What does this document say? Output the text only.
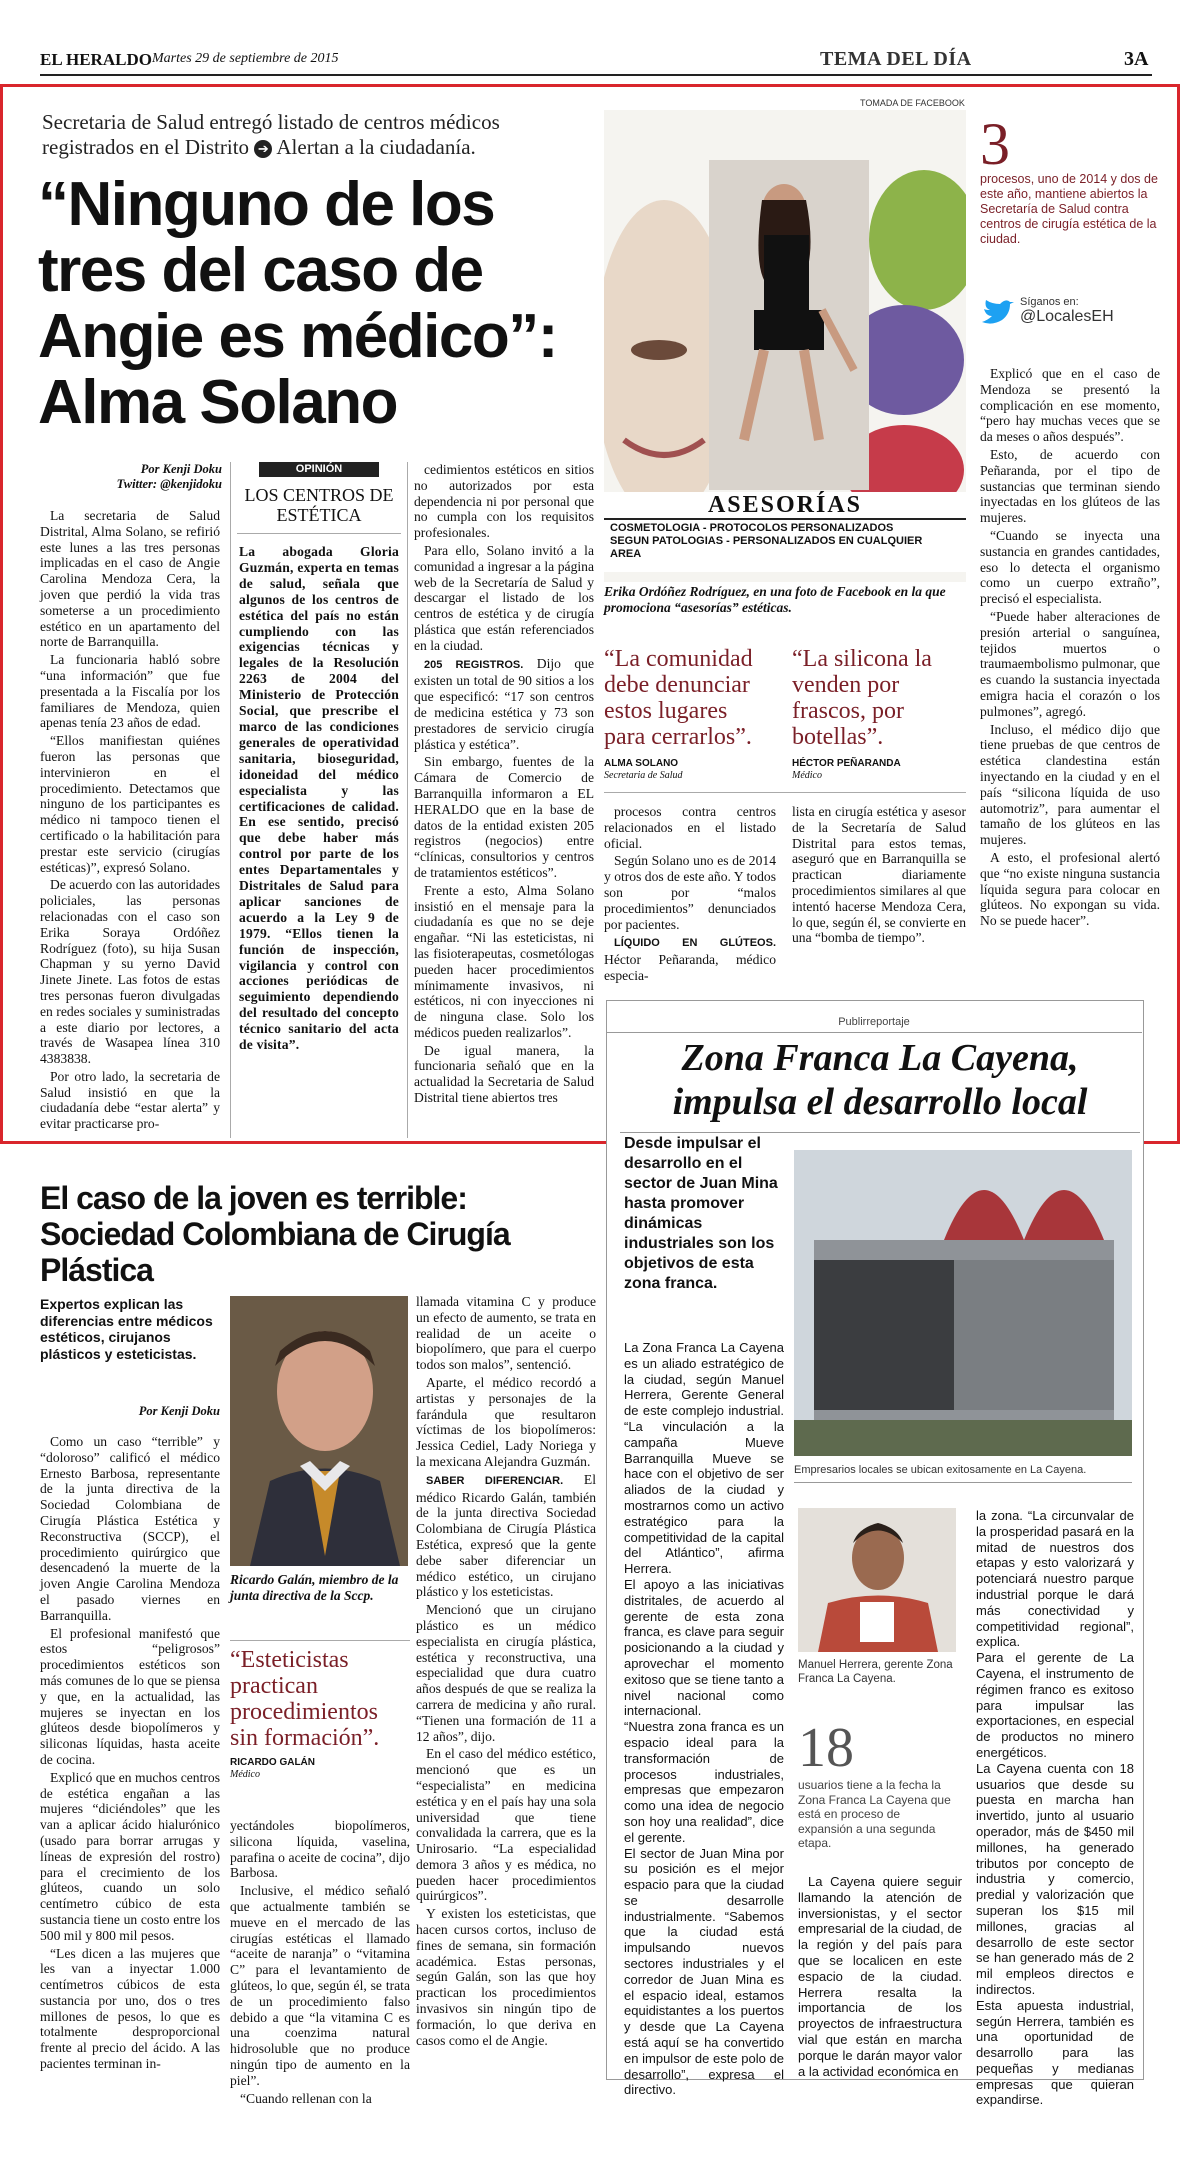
EL HERALDO Martes 29 de septiembre de 2015	TEMA DEL DÍA	3A
Secretaria de Salud entregó listado de centros médicos
registrados en el Distrito ➔ Alertan a la ciudadanía.
“Ninguno de los tres del caso de Angie es médico”: Alma Solano
Por Kenji Doku
Twitter: @kenjidoku

La secretaria de Salud Distrital, Alma Solano, se refirió este lunes a las tres personas implicadas en el caso de Angie Carolina Mendoza Cera, la joven que perdió la vida tras someterse a un procedimiento estético en un apartamento del norte de Barranquilla.

La funcionaria habló sobre “una información” que fue presentada a la Fiscalía por los familiares de Mendoza, quien apenas tenía 23 años de edad.

“Ellos manifiestan quiénes fueron las personas que intervinieron en el procedimiento. Detectamos que ninguno de los participantes es médico ni tampoco tienen el certificado o la habilitación para prestar este servicio (cirugías estéticas)”, expresó Solano.

De acuerdo con las autoridades policiales, las personas relacionadas con el caso son Erika Soraya Ordóñez Rodríguez (foto), su hija Susan Chapman y su yerno David Jinete Jinete. Las fotos de estas tres personas fueron divulgadas en redes sociales y suministradas a este diario por lectores, a través de Wasapea línea 310 4383838.

Por otro lado, la secretaria de Salud insistió en que la ciudadanía debe “estar alerta” y evitar practicarse pro-

OPINIÓN
LOS CENTROS DE ESTÉTICA
La abogada Gloria Guzmán, experta en temas de salud, señala que algunos de los centros de estética del país no están cumpliendo con las exigencias técnicas y legales de la Resolución 2263 de 2004 del Ministerio de Protección Social, que prescribe el marco de las condiciones generales de operatividad sanitaria, bioseguridad, idoneidad del médico especialista y las certificaciones de calidad. En ese sentido, precisó que debe haber más control por parte de los entes Departamentales y Distritales de Salud para aplicar sanciones de acuerdo a la Ley 9 de 1979. “Ellos tienen la función de inspección, vigilancia y control con acciones periódicas de seguimiento dependiendo del resultado del concepto técnico sanitario del acta de visita”.

cedimientos estéticos en sitios no autorizados por esta dependencia ni por personal que no cumpla con los requisitos profesionales.

Para ello, Solano invitó a la comunidad a ingresar a la página web de la Secretaría de Salud y descargar el listado de los centros de estética y de cirugía plástica que están referenciados en la ciudad.

205 REGISTROS. Dijo que existen un total de 90 sitios a los que especificó: “17 son centros de medicina estética y 73 son prestadores de servicio cirugía plástica y estética”.

Sin embargo, fuentes de la Cámara de Comercio de Barranquilla informaron a EL HERALDO que en la base de datos de la entidad existen 205 registros (negocios) entre “clínicas, consultorios y centros de tratamientos estéticos”.

Frente a esto, Alma Solano insistió en el mensaje para la ciudadanía es que no se deje engañar. “Ni las esteticistas, ni las fisioterapeutas, cosmetólogas pueden hacer procedimientos mínimamente invasivos, ni estéticos, ni con inyecciones ni de ninguna clase. Solo los médicos pueden realizarlos”.

De igual manera, la funcionaria señaló que en la actualidad la Secretaria de Salud Distrital tiene abiertos tres

TOMADA DE FACEBOOK
ASESORÍAS
COSMETOLOGIA - PROTOCOLOS PERSONALIZADOS
SEGUN PATOLOGIAS - PERSONALIZADOS EN CUALQUIER
AREA
Erika Ordóñez Rodríguez, en una foto de Facebook en la que promociona “asesorías” estéticas.
“La comunidad debe denunciar estos lugares para cerrarlos”.
ALMA SOLANO
Secretaria de Salud
“La silicona la venden por frascos, por botellas”.
HÉCTOR PEÑARANDA
Médico

procesos contra centros relacionados en el listado oficial.

Según Solano uno es de 2014 y otros dos de este año. Y todos son por “malos procedimientos” denunciados por pacientes.

LÍQUIDO EN GLÚTEOS. Héctor Peñaranda, médico especia-

lista en cirugía estética y asesor de la Secretaría de Salud Distrital para estos temas, aseguró que en Barranquilla se practican diariamente procedimientos similares al que intentó hacerse Mendoza Cera, lo que, según él, se convierte en una “bomba de tiempo”.

3
procesos, uno de 2014 y dos de este año, mantiene abiertos la Secretaría de Salud contra centros de cirugía estética de la ciudad.
Síganos en:
@LocalesEH

Explicó que en el caso de Mendoza se presentó la complicación en ese momento, “pero hay muchas veces que se da meses o años después”.

Esto, de acuerdo con Peñaranda, por el tipo de sustancias que terminan siendo inyectadas en los glúteos de las mujeres.

“Cuando se inyecta una sustancia en grandes cantidades, eso lo detecta el organismo como un cuerpo extraño”, precisó el especialista.

“Puede haber alteraciones de presión arterial o sanguínea, tejidos muertos o traumaembolismo pulmonar, que es cuando la sustancia inyectada emigra hacia el corazón o los pulmones”, agregó.

Incluso, el médico dijo que tiene pruebas de que centros de estética clandestina están inyectando en la ciudad y en el país “silicona líquida de uso automotriz”, para aumentar el tamaño de los glúteos en las mujeres.

A esto, el profesional alertó que “no existe ninguna sustancia líquida segura para colocar en glúteos. No expongan su vida. No se puede hacer”.

El caso de la joven es terrible: Sociedad Colombiana de Cirugía Plástica
Expertos explican las diferencias entre médicos estéticos, cirujanos plásticos y esteticistas.
Por Kenji Doku

Como un caso “terrible” y “doloroso” calificó el médico Ernesto Barbosa, representante de la junta directiva de la Sociedad Colombiana de Cirugía Plástica Estética y Reconstructiva (SCCP), el procedimiento quirúrgico que desencadenó la muerte de la joven Angie Carolina Mendoza el pasado viernes en Barranquilla.

El profesional manifestó que estos “peligrosos” procedimientos estéticos son más comunes de lo que se piensa y que, en la actualidad, las mujeres se inyectan en los glúteos desde biopolímeros y siliconas líquidas, hasta aceite de cocina.

Explicó que en muchos centros de estética engañan a las mujeres “diciéndoles” que les van a aplicar ácido hialurónico (usado para borrar arrugas y líneas de expresión del rostro) para el crecimiento de los glúteos, cuando un solo centímetro cúbico de esta sustancia tiene un costo entre los 500 mil y 800 mil pesos.

“Les dicen a las mujeres que les van a inyectar 1.000 centímetros cúbicos de esta sustancia por uno, dos o tres millones de pesos, lo que es totalmente desproporcional frente al precio del ácido. A las pacientes terminan in-

Ricardo Galán, miembro de la junta directiva de la Sccp.
“Esteticistas practican procedimientos sin formación”.
RICARDO GALÁN
Médico

yectándoles biopolímeros, silicona líquida, vaselina, parafina o aceite de cocina”, dijo Barbosa.

Inclusive, el médico señaló que actualmente también se mueve en el mercado de las cirugías estéticas el llamado “aceite de naranja” o “vitamina C” para el levantamiento de glúteos, lo que, según él, se trata de un procedimiento falso debido a que “la vitamina C es una coenzima natural hidrosoluble que no produce ningún tipo de aumento en la piel”.

“Cuando rellenan con la

llamada vitamina C y produce un efecto de aumento, se trata en realidad de un aceite o biopolímero, que para el cuerpo todos son malos”, sentenció.

Aparte, el médico recordó a artistas y personajes de la farándula que resultaron víctimas de los biopolímeros: Jessica Cediel, Lady Noriega y la mexicana Alejandra Guzmán.

SABER DIFERENCIAR. El médico Ricardo Galán, también de la junta directiva Sociedad Colombiana de Cirugía Plástica Estética, expresó que la gente debe saber diferenciar un médico estético, un cirujano plástico y los esteticistas.

Mencionó que un cirujano plástico es un médico especialista en cirugía plástica, estética y reconstructiva, una especialidad que dura cuatro años después de que se realiza la carrera de medicina y año rural. “Tienen una formación de 11 a 12 años”, dijo.

En el caso del médico estético, mencionó que es un “especialista” en medicina estética y en el país hay una sola universidad que tiene convalidada la carrera, que es la Unirosario. “La especialidad demora 3 años y es médica, no pueden hacer procedimientos quirúrgicos”.

Y existen los esteticistas, que hacen cursos cortos, incluso de fines de semana, sin formación académica. Estas personas, según Galán, son las que hoy practican los procedimientos invasivos sin ningún tipo de formación, lo que deriva en casos como el de Angie.

Publirreportaje
Zona Franca La Cayena, impulsa el desarrollo local
Desde impulsar el desarrollo en el sector de Juan Mina hasta promover dinámicas industriales son los objetivos de esta zona franca.

La Zona Franca La Cayena es un aliado estratégico de la ciudad, según Manuel Herrera, Gerente General de este complejo industrial. “La vinculación a la campaña Mueve Barranquilla Mueve se hace con el objetivo de ser aliados de la ciudad y mostrarnos como un activo estratégico para la competitividad de la capital del Atlántico”, afirma Herrera.

El apoyo a las iniciativas distritales, de acuerdo al gerente de esta zona franca, es clave para seguir posicionando a la ciudad y aprovechar el momento exitoso que se tiene tanto a nivel nacional como internacional.

“Nuestra zona franca es un espacio ideal para la transformación de procesos industriales, empresas que empezaron como una idea de negocio son hoy una realidad”, dice el gerente.

El sector de Juan Mina por su posición es el mejor espacio para que la ciudad se desarrolle industrialmente. “Sabemos que la ciudad está impulsando nuevos sectores industriales y el corredor de Juan Mina es el espacio ideal, estamos equidistantes a los puertos y desde que La Cayena está aquí se ha convertido en impulsor de este polo de desarrollo”, expresa el directivo.

Empresarios locales se ubican exitosamente en La Cayena.
Manuel Herrera, gerente Zona Franca La Cayena.
18
usuarios tiene a la fecha la Zona Franca La Cayena que está en proceso de expansión a una segunda etapa.

La Cayena quiere seguir llamando la atención de inversionistas, y el sector empresarial de la ciudad, de la región y del país para que se localicen en este espacio de la ciudad. Herrera resalta la importancia de los proyectos de infraestructura vial que están en marcha porque le darán mayor valor a la actividad económica en

la zona. “La circunvalar de la prosperidad pasará en la mitad de nuestros dos etapas y esto valorizará y potenciará nuestro parque industrial porque le dará más conectividad y competitividad regional”, explica.

Para el gerente de La Cayena, el instrumento de régimen franco es exitoso para impulsar las exportaciones, en especial de productos no minero energéticos.

La Cayena cuenta con 18 usuarios que desde su puesta en marcha han invertido, junto al usuario operador, más de $450 mil millones, ha generado tributos por concepto de industria y comercio, predial y valorización que superan los $15 mil millones, gracias al desarrollo de este sector se han generado más de 2 mil empleos directos e indirectos.

Esta apuesta industrial, según Herrera, también es una oportunidad de desarrollo para las pequeñas y medianas empresas que quieran expandirse.
